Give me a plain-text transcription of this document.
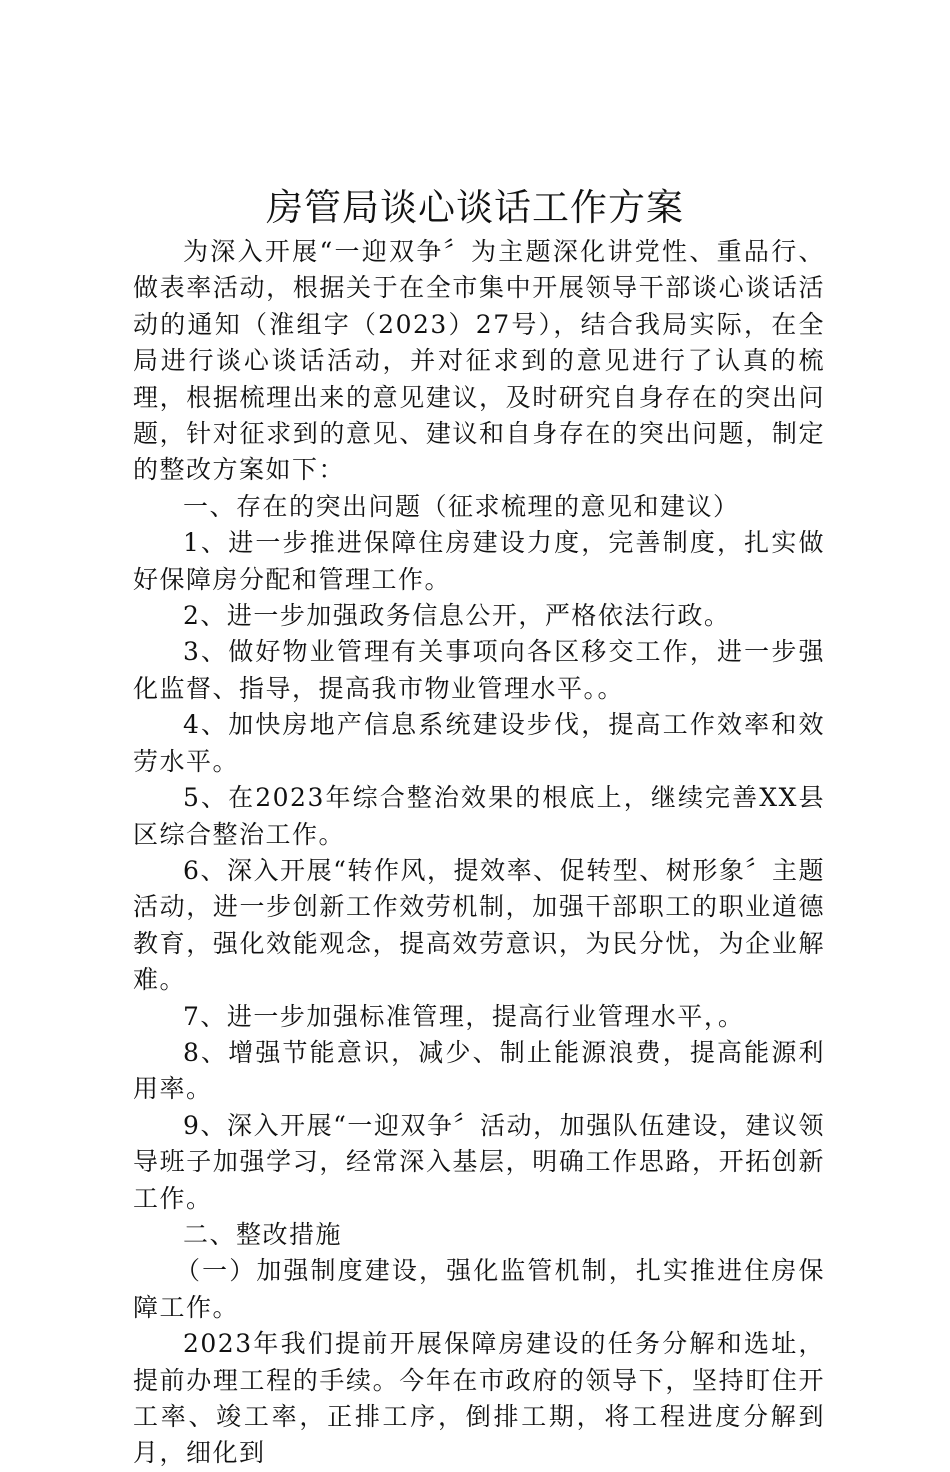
房管局谈心谈话工作方案

为深入开展“一迎双争〞为主题深化讲党性、重品行、做表率活动，根据关于在全市集中开展领导干部谈心谈话活动的通知（淮组字（2023）27号），结合我局实际，在全局进行谈心谈话活动，并对征求到的意见进行了认真的梳理，根据梳理出来的意见建议，及时研究自身存在的突出问题，针对征求到的意见、建议和自身存在的突出问题，制定的整改方案如下：

一、存在的突出问题（征求梳理的意见和建议）

1、进一步推进保障住房建设力度，完善制度，扎实做好保障房分配和管理工作。

2、进一步加强政务信息公开，严格依法行政。

3、做好物业管理有关事项向各区移交工作，进一步强化监督、指导，提高我市物业管理水平。。

4、加快房地产信息系统建设步伐，提高工作效率和效劳水平。

5、在2023年综合整治效果的根底上，继续完善XX县区综合整治工作。

6、深入开展“转作风，提效率、促转型、树形象〞主题活动，进一步创新工作效劳机制，加强干部职工的职业道德教育，强化效能观念，提高效劳意识，为民分忧，为企业解难。

7、进一步加强标准管理，提高行业管理水平，。

8、增强节能意识，减少、制止能源浪费，提高能源利用率。

9、深入开展“一迎双争〞活动，加强队伍建设，建议领导班子加强学习，经常深入基层，明确工作思路，开拓创新工作。

二、整改措施

（一）加强制度建设，强化监管机制，扎实推进住房保障工作。

2023年我们提前开展保障房建设的任务分解和选址，提前办理工程的手续。今年在市政府的领导下，坚持盯住开工率、竣工率，正排工序，倒排工期，将工程进度分解到月，细化到
